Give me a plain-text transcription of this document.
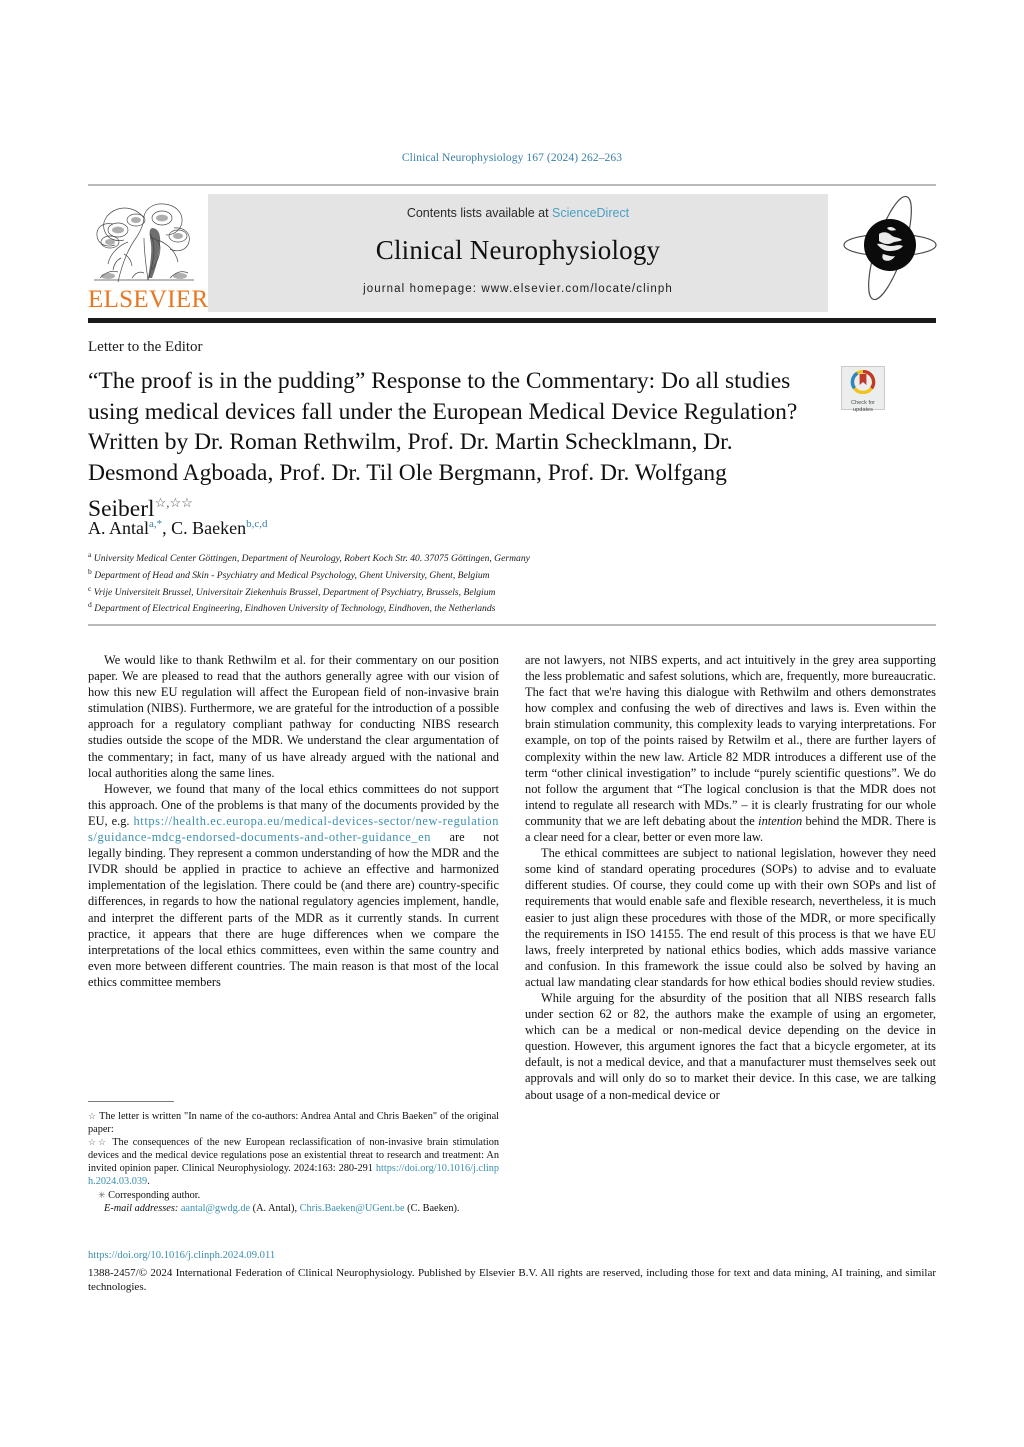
Clinical Neurophysiology 167 (2024) 262–263
ELSEVIER
Contents lists available at ScienceDirect
Clinical Neurophysiology
journal homepage: www.elsevier.com/locate/clinph
Letter to the Editor
“The proof is in the pudding” Response to the Commentary: Do all studies using medical devices fall under the European Medical Device Regulation? Written by Dr. Roman Rethwilm, Prof. Dr. Martin Schecklmann, Dr. Desmond Agboada, Prof. Dr. Til Ole Bergmann, Prof. Dr. Wolfgang Seiberl☆,☆☆
Check for
updates
A. Antal$^{a,*}$, C. Baeken$^{b,c,d}$
$^a$ University Medical Center Göttingen, Department of Neurology, Robert Koch Str. 40. 37075 Göttingen, Germany
$^b$ Department of Head and Skin - Psychiatry and Medical Psychology, Ghent University, Ghent, Belgium
$^c$ Vrije Universiteit Brussel, Universitair Ziekenhuis Brussel, Department of Psychiatry, Brussels, Belgium
$^d$ Department of Electrical Engineering, Eindhoven University of Technology, Eindhoven, the Netherlands

We would like to thank Rethwilm et al. for their commentary on our position paper. We are pleased to read that the authors generally agree with our vision of how this new EU regulation will affect the European field of non-invasive brain stimulation (NIBS). Furthermore, we are grateful for the introduction of a possible approach for a regulatory compliant pathway for conducting NIBS research studies outside the scope of the MDR. We understand the clear argumentation of the commentary; in fact, many of us have already argued with the national and local authorities along the same lines.

However, we found that many of the local ethics committees do not support this approach. One of the problems is that many of the documents provided by the EU, e.g. https://health.ec.europa.eu/medical-devices-sector/new-regulations/guidance-mdcg-endorsed-documents-and-other-guidance_en are not legally binding. They represent a common understanding of how the MDR and the IVDR should be applied in practice to achieve an effective and harmonized implementation of the legislation. There could be (and there are) country-specific differences, in regards to how the national regulatory agencies implement, handle, and interpret the different parts of the MDR as it currently stands. In current practice, it appears that there are huge differences when we compare the interpretations of the local ethics committees, even within the same country and even more between different countries. The main reason is that most of the local ethics committee members

are not lawyers, not NIBS experts, and act intuitively in the grey area supporting the less problematic and safest solutions, which are, frequently, more bureaucratic. The fact that we're having this dialogue with Rethwilm and others demonstrates how complex and confusing the web of directives and laws is. Even within the brain stimulation community, this complexity leads to varying interpretations. For example, on top of the points raised by Retwilm et al., there are further layers of complexity within the new law. Article 82 MDR introduces a different use of the term “other clinical investigation” to include “purely scientific questions”. We do not follow the argument that “The logical conclusion is that the MDR does not intend to regulate all research with MDs.” ‒ it is clearly frustrating for our whole community that we are left debating about the intention behind the MDR. There is a clear need for a clear, better or even more law.

The ethical committees are subject to national legislation, however they need some kind of standard operating procedures (SOPs) to advise and to evaluate different studies. Of course, they could come up with their own SOPs and list of requirements that would enable safe and flexible research, nevertheless, it is much easier to just align these procedures with those of the MDR, or more specifically the requirements in ISO 14155. The end result of this process is that we have EU laws, freely interpreted by national ethics bodies, which adds massive variance and confusion. In this framework the issue could also be solved by having an actual law mandating clear standards for how ethical bodies should review studies.

While arguing for the absurdity of the position that all NIBS research falls under section 62 or 82, the authors make the example of using an ergometer, which can be a medical or non-medical device depending on the device in question. However, this argument ignores the fact that a bicycle ergometer, at its default, is not a medical device, and that a manufacturer must themselves seek out approvals and will only do so to market their device. In this case, we are talking about usage of a non-medical device or

☆ The letter is written "In name of the co-authors: Andrea Antal and Chris Baeken" of the original paper:

☆☆ The consequences of the new European reclassification of non-invasive brain stimulation devices and the medical device regulations pose an existential threat to research and treatment: An invited opinion paper. Clinical Neurophysiology. 2024:163: 280-291 https://doi.org/10.1016/j.clinph.2024.03.039.

✳ Corresponding author.

E-mail addresses: aantal@gwdg.de (A. Antal), Chris.Baeken@UGent.be (C. Baeken).

https://doi.org/10.1016/j.clinph.2024.09.011
1388-2457/© 2024 International Federation of Clinical Neurophysiology. Published by Elsevier B.V. All rights are reserved, including those for text and data mining, AI training, and similar technologies.
